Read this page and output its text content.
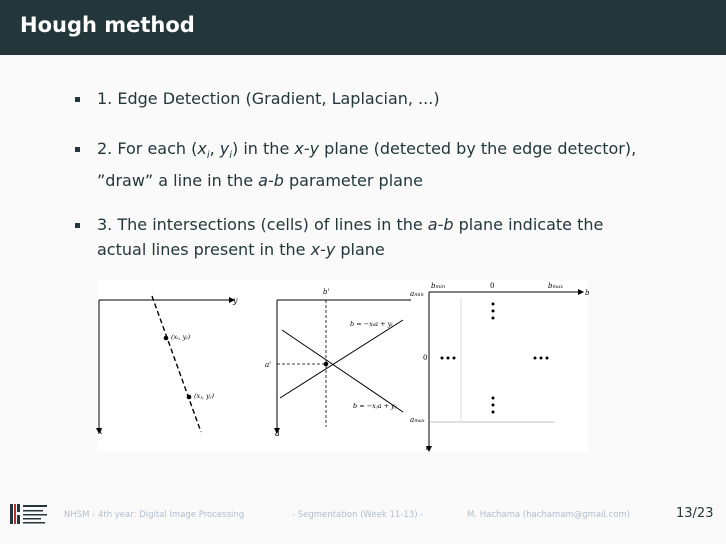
Hough method
1. Edge Detection (Gradient, Laplacian, ...)
2. For each ($x_i$, $y_i$) in the x-y plane (detected by the edge detector),
”draw” a line in the a-b parameter plane
3. The intersections (cells) of lines in the a-b plane indicate the
actual lines present in the x-y plane
y
x
(xᵢ, yᵢ)
(xⱼ, yⱼ)
a
b'
a'
b = −xᵢa + yᵢ
b = −xⱼa + yⱼ
bmin	0	bmax
b
amin
0
amax
a
NHSM - 4th year: Digital Image Processing	- Segmentation (Week 11-13) -	M. Hachama (hachamam@gmail.com)	13/23
